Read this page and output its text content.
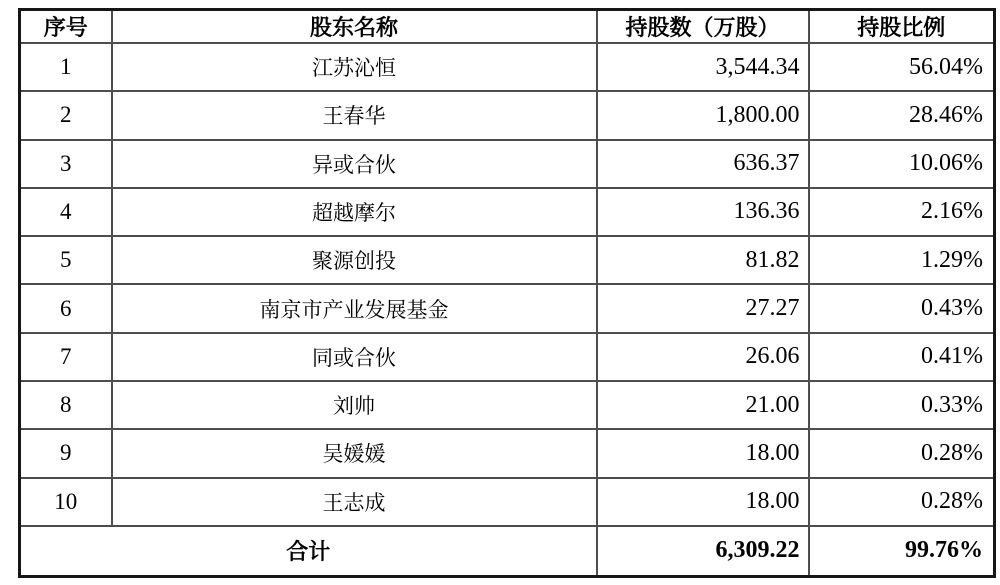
序号	股东名称	持股数（万股）	持股比例
1	江苏沁恒	3,544.34	56.04%
2	王春华	1,800.00	28.46%
3	异或合伙	636.37	10.06%
4	超越摩尔	136.36	2.16%
5	聚源创投	81.82	1.29%
6	南京市产业发展基金	27.27	0.43%
7	同或合伙	26.06	0.41%
8	刘帅	21.00	0.33%
9	吴媛媛	18.00	0.28%
10	王志成	18.00	0.28%
合计		6,309.22	99.76%
